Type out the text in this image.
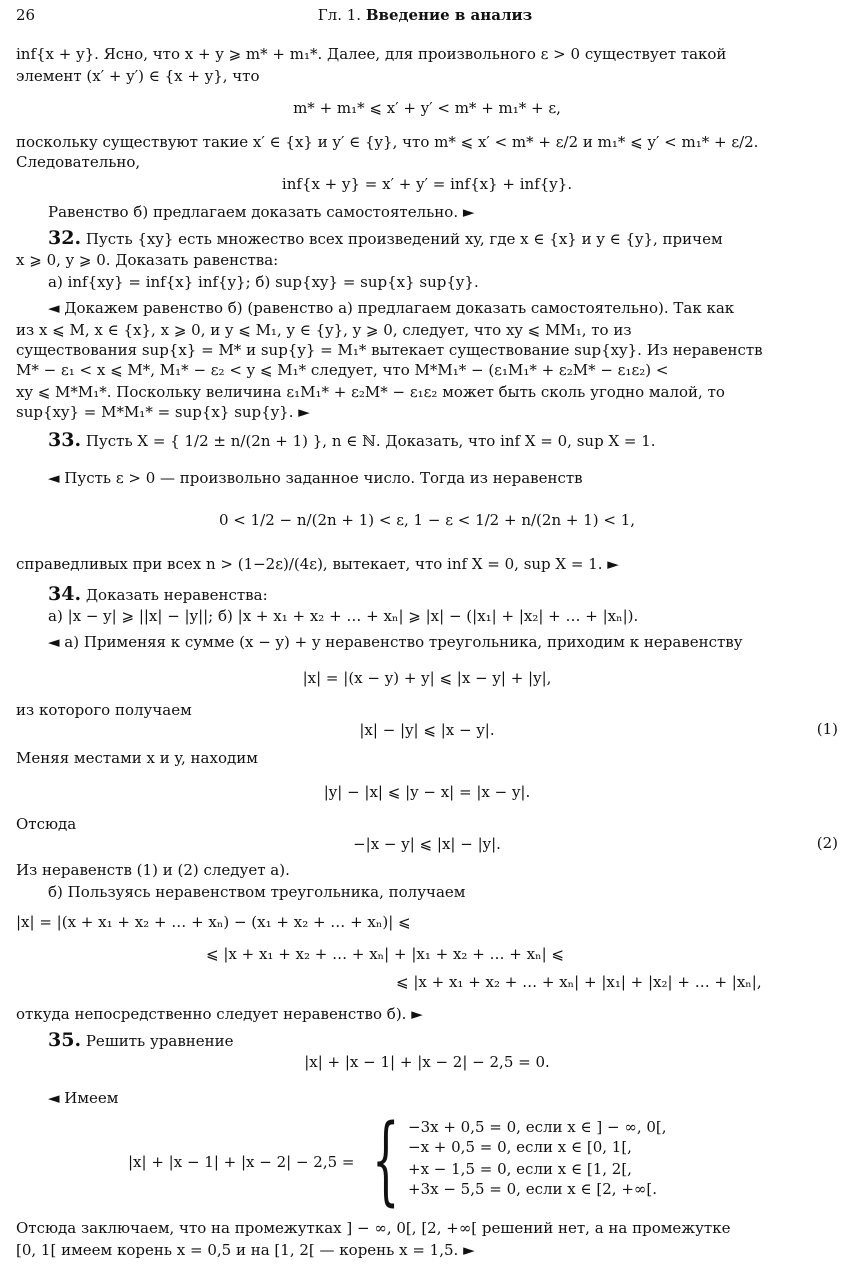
26	Гл. 1. Введение в анализ
inf{x + y}. Ясно, что x + y ⩾ m* + m₁*. Далее, для произвольного ε > 0 существует такой
элемент (x′ + y′) ∈ {x + y}, что
m* + m₁* ⩽ x′ + y′ < m* + m₁* + ε,
поскольку существуют такие x′ ∈ {x} и y′ ∈ {y}, что m* ⩽ x′ < m* + ε/2 и m₁* ⩽ y′ < m₁* + ε/2.
Следовательно,
inf{x + y} = x′ + y′ = inf{x} + inf{y}.
Равенство б) предлагаем доказать самостоятельно. ►
32. Пусть {xy} есть множество всех произведений xy, где x ∈ {x} и y ∈ {y}, причем
x ⩾ 0, y ⩾ 0. Доказать равенства:
а) inf{xy} = inf{x} inf{y}; б) sup{xy} = sup{x} sup{y}.
◄ Докажем равенство б) (равенство а) предлагаем доказать самостоятельно). Так как
из x ⩽ M, x ∈ {x}, x ⩾ 0, и y ⩽ M₁, y ∈ {y}, y ⩾ 0, следует, что xy ⩽ MM₁, то из
существования sup{x} = M* и sup{y} = M₁* вытекает существование sup{xy}. Из неравенств
M* − ε₁ < x ⩽ M*, M₁* − ε₂ < y ⩽ M₁* следует, что M*M₁* − (ε₁M₁* + ε₂M* − ε₁ε₂) <
xy ⩽ M*M₁*. Поскольку величина ε₁M₁* + ε₂M* − ε₁ε₂ может быть сколь угодно малой, то
sup{xy} = M*M₁* = sup{x} sup{y}. ►
33. Пусть X = { 1/2 ± n/(2n + 1) }, n ∈ ℕ. Доказать, что inf X = 0, sup X = 1.
◄ Пусть ε > 0 — произвольно заданное число. Тогда из неравенств
0 < 1/2 − n/(2n + 1) < ε, 1 − ε < 1/2 + n/(2n + 1) < 1,
справедливых при всех n > (1−2ε)/(4ε), вытекает, что inf X = 0, sup X = 1. ►
34. Доказать неравенства:
а) |x − y| ⩾ ||x| − |y||; б) |x + x₁ + x₂ + … + xₙ| ⩾ |x| − (|x₁| + |x₂| + … + |xₙ|).
◄ а) Применяя к сумме (x − y) + y неравенство треугольника, приходим к неравенству
|x| = |(x − y) + y| ⩽ |x − y| + |y|,
из которого получаем
|x| − |y| ⩽ |x − y|.	(1)
Меняя местами x и y, находим
|y| − |x| ⩽ |y − x| = |x − y|.
Отсюда
−|x − y| ⩽ |x| − |y|.	(2)
Из неравенств (1) и (2) следует а).
б) Пользуясь неравенством треугольника, получаем
|x| = |(x + x₁ + x₂ + … + xₙ) − (x₁ + x₂ + … + xₙ)| ⩽
⩽ |x + x₁ + x₂ + … + xₙ| + |x₁ + x₂ + … + xₙ| ⩽
⩽ |x + x₁ + x₂ + … + xₙ| + |x₁| + |x₂| + … + |xₙ|,
откуда непосредственно следует неравенство б). ►
35. Решить уравнение
|x| + |x − 1| + |x − 2| − 2,5 = 0.
◄ Имеем
|x| + |x − 1| + |x − 2| − 2,5 = { −3x + 0,5 = 0, если x ∈ ] − ∞, 0[,
−x + 0,5 = 0, если x ∈ [0, 1[,
+x − 1,5 = 0, если x ∈ [1, 2[,
+3x − 5,5 = 0, если x ∈ [2, +∞[.
Отсюда заключаем, что на промежутках ] − ∞, 0[, [2, +∞[ решений нет, а на промежутке
[0, 1[ имеем корень x = 0,5 и на [1, 2[ — корень x = 1,5. ►
